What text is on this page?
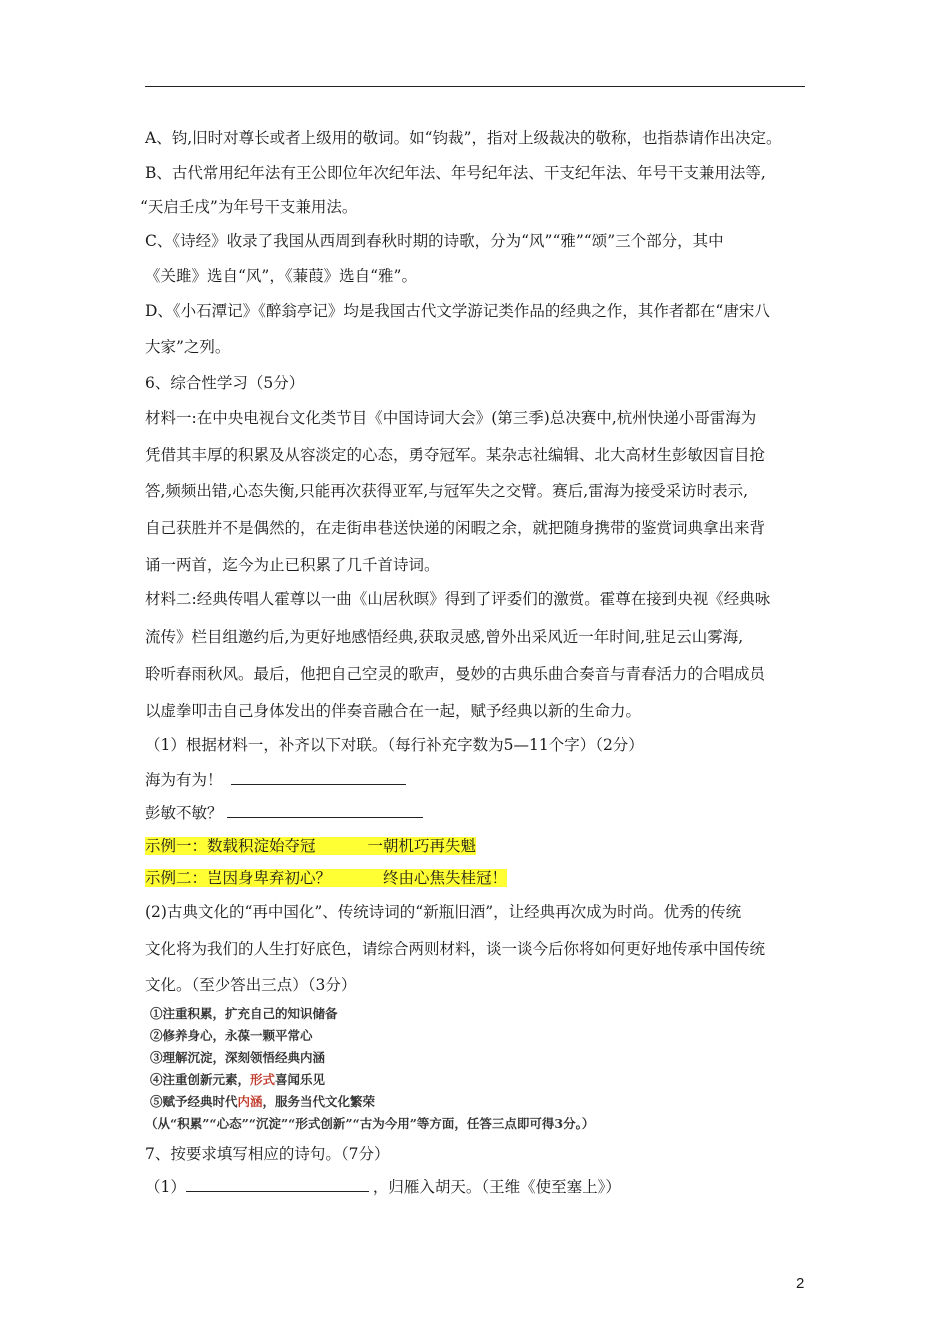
A、钧,旧时对尊长或者上级用的敬词。如“钧裁”，指对上级裁决的敬称，也指恭请作出决定。
B、古代常用纪年法有王公即位年次纪年法、年号纪年法、干支纪年法、年号干支兼用法等,
“天启壬戌”为年号干支兼用法。
C、《诗经》收录了我国从西周到春秋时期的诗歌，分为“风”“雅”“颂”三个部分，其中
《关雎》选自“风”，《蒹葭》选自“雅”。
D、《小石潭记》《醉翁亭记》均是我国古代文学游记类作品的经典之作，其作者都在“唐宋八
大家”之列。
6、综合性学习（5分）
材料一:在中央电视台文化类节目《中国诗词大会》(第三季)总决赛中,杭州快递小哥雷海为
凭借其丰厚的积累及从容淡定的心态，勇夺冠军。某杂志社编辑、北大高材生彭敏因盲目抢
答,频频出错,心态失衡,只能再次获得亚军,与冠军失之交臂。赛后,雷海为接受采访时表示,
自己获胜并不是偶然的，在走街串巷送快递的闲暇之余，就把随身携带的鉴赏词典拿出来背
诵一两首，迄今为止已积累了几千首诗词。
材料二:经典传唱人霍尊以一曲《山居秋暝》得到了评委们的激赏。霍尊在接到央视《经典咏
流传》栏目组邀约后,为更好地感悟经典,获取灵感,曾外出采风近一年时间,驻足云山雾海,
聆听春雨秋风。最后，他把自己空灵的歌声，曼妙的古典乐曲合奏音与青春活力的合唱成员
以虚拳叩击自己身体发出的伴奏音融合在一起，赋予经典以新的生命力。
（1）根据材料一，补齐以下对联。（每行补充字数为5—11个字）（2分）
海为有为！
彭敏不敏？
示例一：数载积淀始夺冠	一朝机巧再失魁
示例二：岂因身卑弃初心？	终由心焦失桂冠！
(2)古典文化的“再中国化”、传统诗词的“新瓶旧酒”，让经典再次成为时尚。优秀的传统
文化将为我们的人生打好底色，请综合两则材料，谈一谈今后你将如何更好地传承中国传统
文化。（至少答出三点）（3分）
①注重积累，扩充自己的知识储备
②修养身心，永葆一颗平常心
③理解沉淀，深刻领悟经典内涵
④注重创新元素，形式喜闻乐见
⑤赋予经典时代内涵，服务当代文化繁荣
（从“积累”“心态”“沉淀”“形式创新”“古为今用”等方面，任答三点即可得3分。）
7、按要求填写相应的诗句。（7分）
（1）	，归雁入胡天。（王维《使至塞上》）
2
